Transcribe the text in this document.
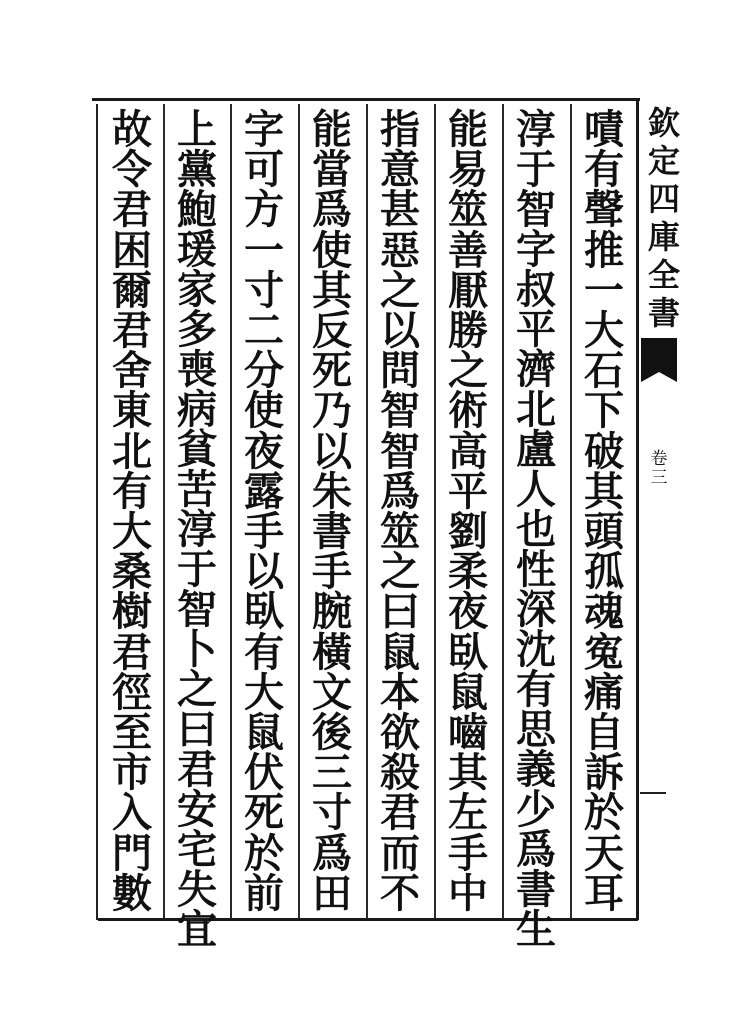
嘖
有
聲
推
一
大
石
下
破
其
頭
孤
魂
寃
痛
自
訴
於
天
耳
淳
于
智
字
叔
平
濟
北
盧
人
也
性
深
沈
有
思
義
少
爲
書
生
能
易
筮
善
厭
勝
之
術
高
平
劉
柔
夜
臥
鼠
嚙
其
左
手
中
指
意
甚
惡
之
以
問
智
智
爲
筮
之
曰
鼠
本
欲
殺
君
而
不
能
當
爲
使
其
反
死
乃
以
朱
書
手
腕
橫
文
後
三
寸
爲
田
字
可
方
一
寸
二
分
使
夜
露
手
以
臥
有
大
鼠
伏
死
於
前
上
黨
鮑
瑗
家
多
喪
病
貧
苦
淳
于
智
卜
之
曰
君
安
宅
失
宜
故
令
君
困
爾
君
舍
東
北
有
大
桑
樹
君
徑
至
市
入
門
數
欽
定
四
庫
全
書
卷
三
